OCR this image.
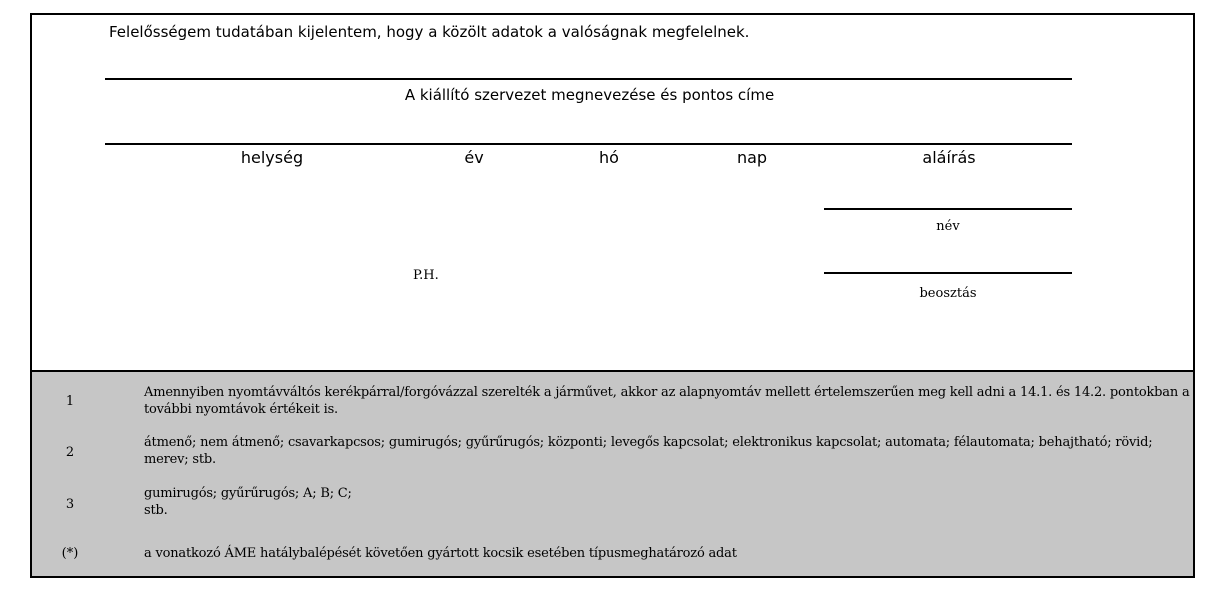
Felelősségem tudatában kijelentem, hogy a közölt adatok a valóságnak megfelelnek.
A kiállító szervezet megnevezése és pontos címe
helység	év	hó	nap	aláírás
név
P.H.
beosztás
1
Amennyiben nyomtávváltós kerékpárral/forgóvázzal szerelték a járművet, akkor az alapnyomtáv mellett értelemszerűen meg kell adni a 14.1. és 14.2. pontokban a további nyomtávok értékeit is.
2
átmenő; nem átmenő; csavarkapcsos; gumirugós; gyűrűrugós; központi; levegős kapcsolat; elektronikus kapcsolat; automata; félautomata; behajtható; rövid; merev; stb.
3
gumirugós; gyűrűrugós; A; B; C;
stb.
(*)	a vonatkozó ÁME hatálybalépését követően gyártott kocsik esetében típusmeghatározó adat
